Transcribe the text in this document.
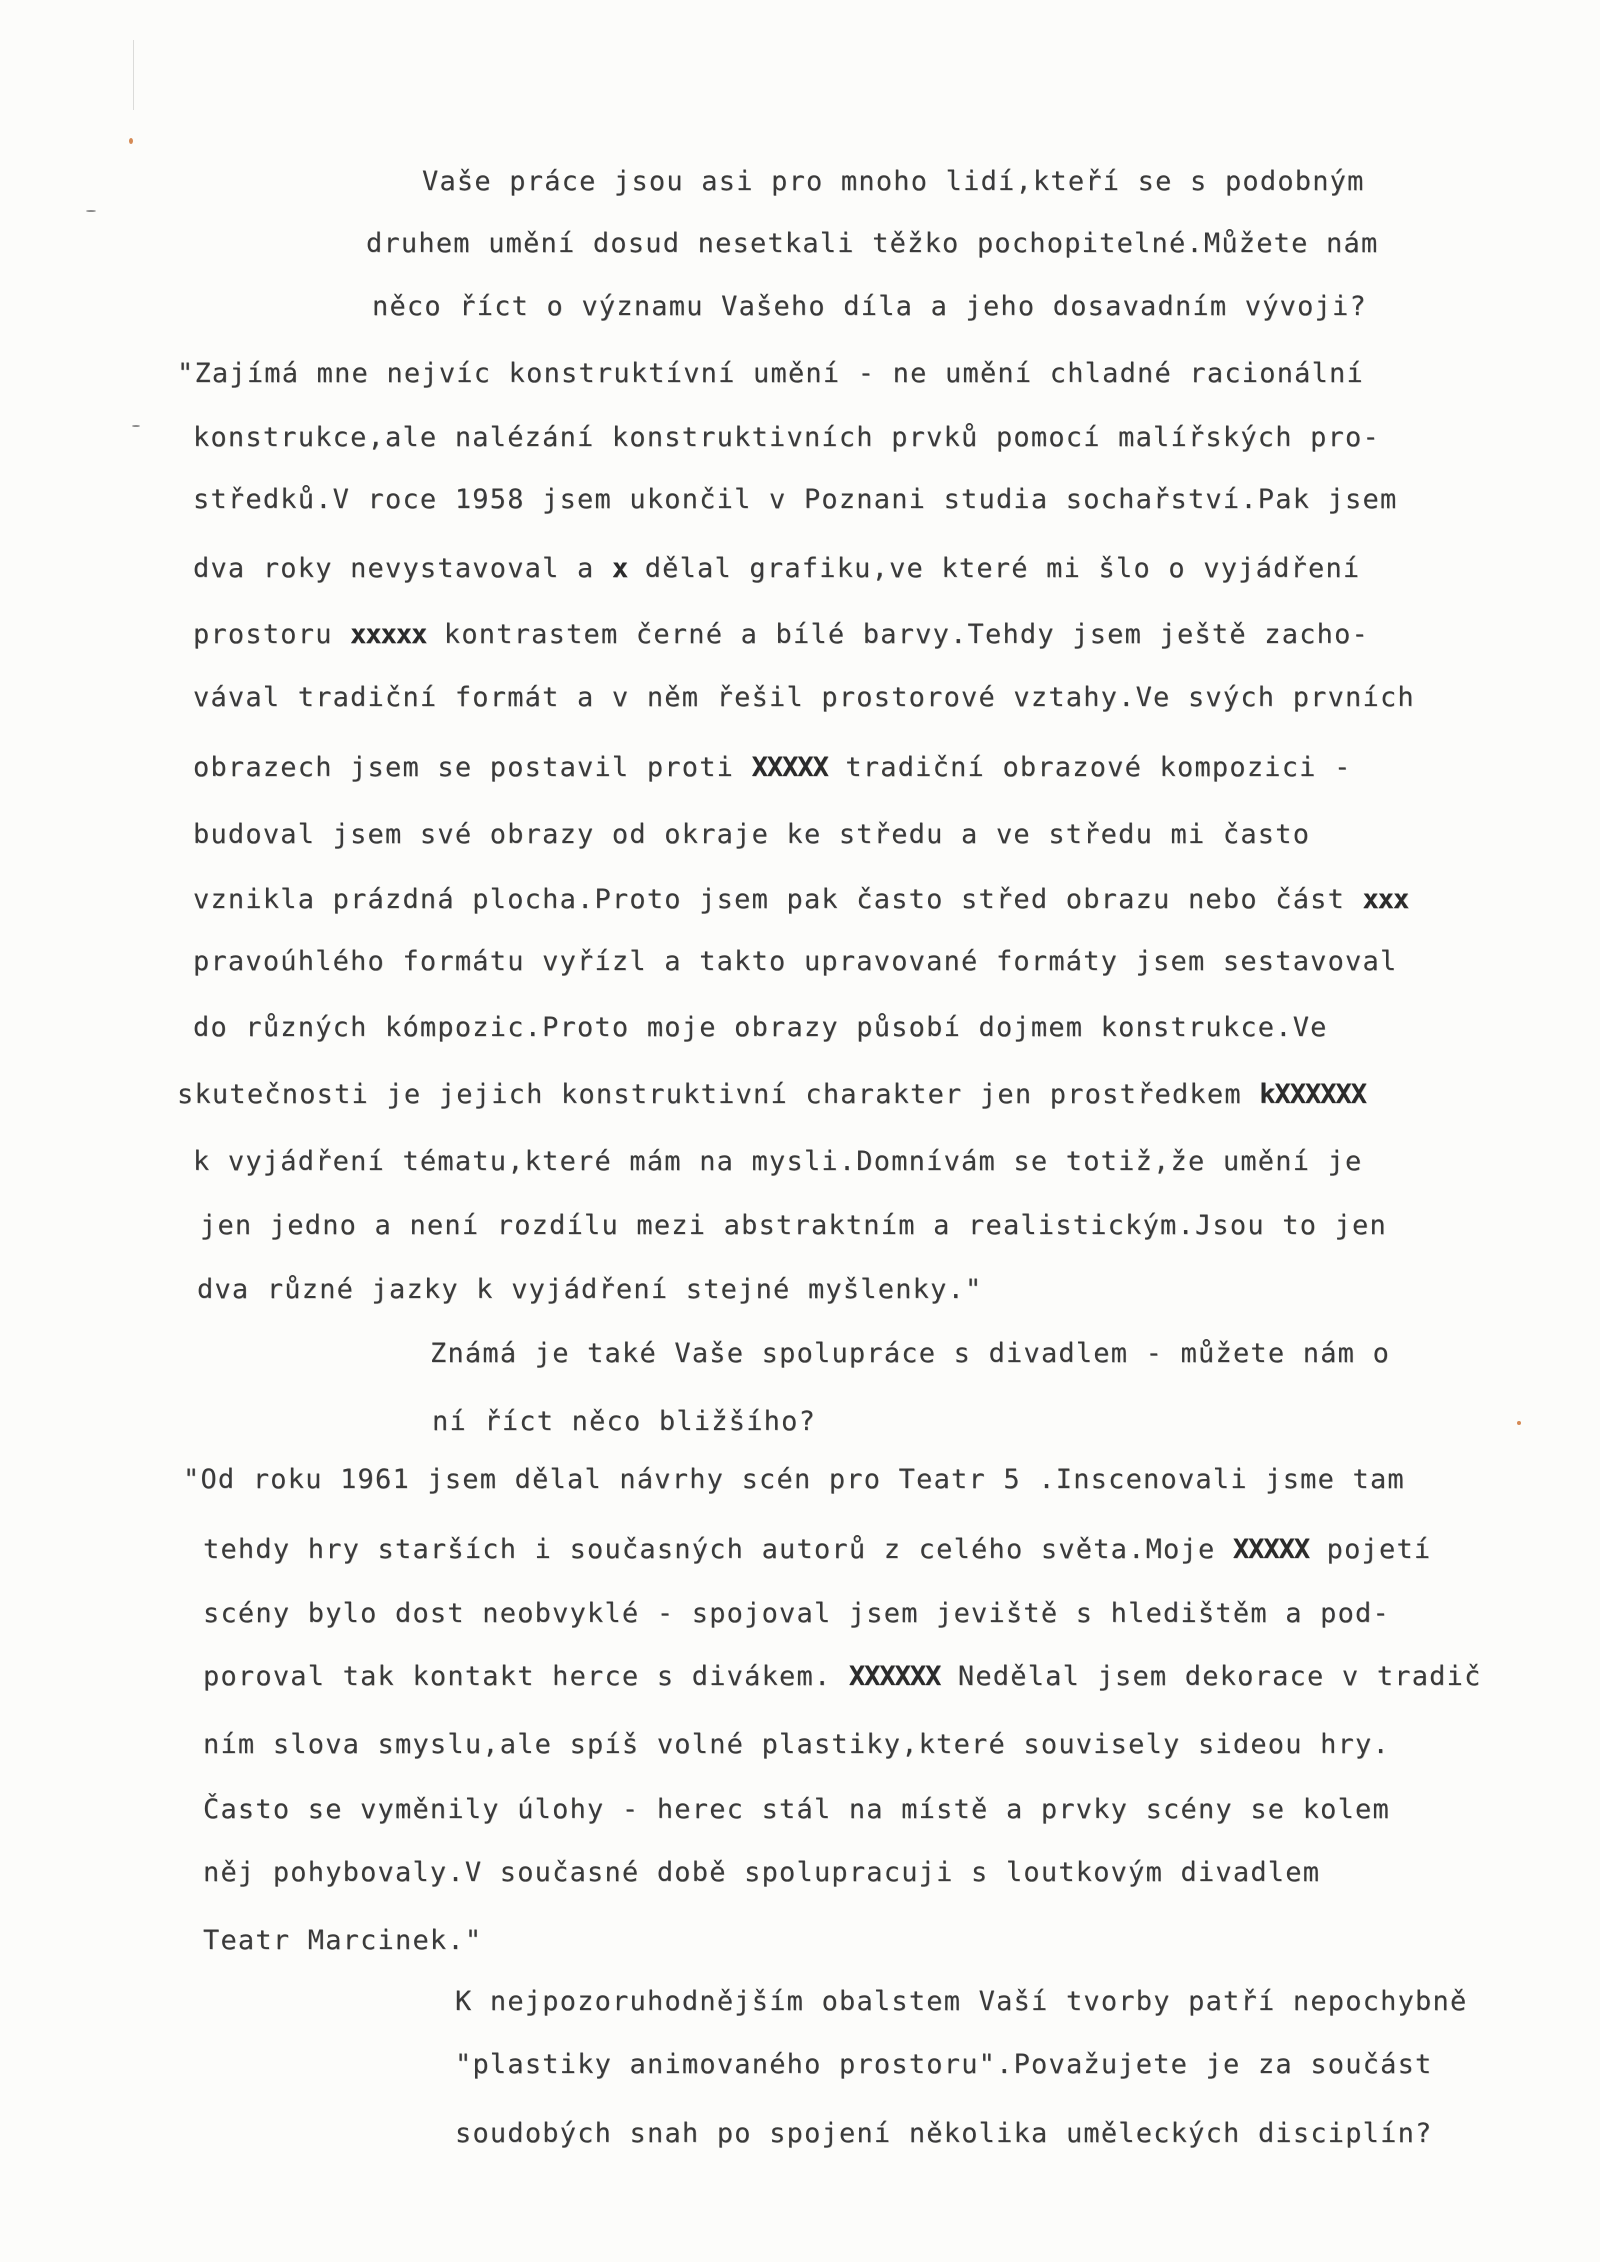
Vaše práce jsou asi pro mnoho lidí,kteří se s podobným
druhem umění dosud nesetkali těžko pochopitelné.Můžete nám
něco říct o významu Vašeho díla a jeho dosavadním vývoji?
"Zajímá mne nejvíc konstruktívní umění - ne umění chladné racionální
konstrukce,ale nalézání konstruktivních prvků pomocí malířských pro-
středků.V roce 1958 jsem ukončil v Poznani studia sochařství.Pak jsem
dva roky nevystavoval a x dělal grafiku,ve které mi šlo o vyjádření
prostoru xxxxx kontrastem černé a bílé barvy.Tehdy jsem ještě zacho-
vával tradiční formát a v něm řešil prostorové vztahy.Ve svých prvních
obrazech jsem se postavil proti XXXXX tradiční obrazové kompozici -
budoval jsem své obrazy od okraje ke středu a ve středu mi často
vznikla prázdná plocha.Proto jsem pak často střed obrazu nebo část xxx
pravoúhlého formátu vyřízl a takto upravované formáty jsem sestavoval
do různých kómpozic.Proto moje obrazy působí dojmem konstrukce.Ve
skutečnosti je jejich konstruktivní charakter jen prostředkem kXXXXXX
k vyjádření tématu,které mám na mysli.Domnívám se totiž,že umění je
jen jedno a není rozdílu mezi abstraktním a realistickým.Jsou to jen
dva různé jazky k vyjádření stejné myšlenky."
Známá je také Vaše spolupráce s divadlem - můžete nám o
ní říct něco bližšího?
"Od roku 1961 jsem dělal návrhy scén pro Teatr 5 .Inscenovali jsme tam
tehdy hry starších i současných autorů z celého světa.Moje XXXXX pojetí
scény bylo dost neobvyklé - spojoval jsem jeviště s hledištěm a pod-
poroval tak kontakt herce s divákem. XXXXXX Nedělal jsem dekorace v tradič
ním slova smyslu,ale spíš volné plastiky,které souvisely sideou hry.
Často se vyměnily úlohy - herec stál na místě a prvky scény se kolem
něj pohybovaly.V současné době spolupracuji s loutkovým divadlem
Teatr Marcinek."
K nejpozoruhodnějším obalstem Vaší tvorby patří nepochybně
"plastiky animovaného prostoru".Považujete je za součást
soudobých snah po spojení několika uměleckých disciplín?
